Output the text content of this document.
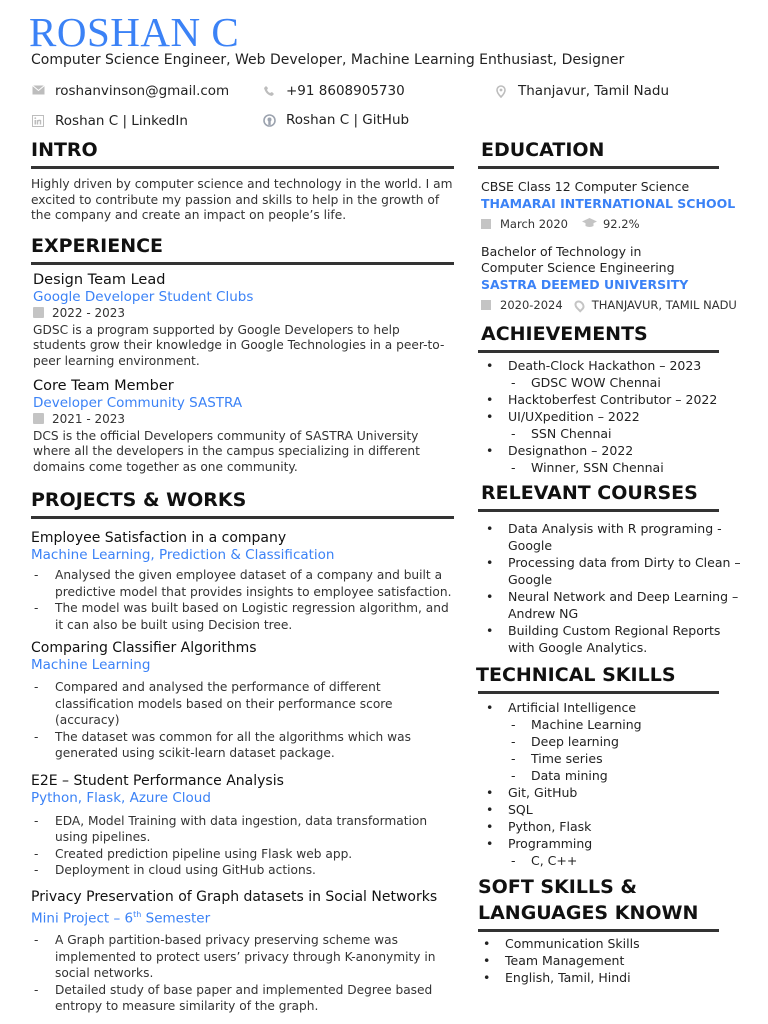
ROSHAN C
Computer Science Engineer, Web Developer, Machine Learning Enthusiast, Designer
roshanvinson@gmail.com	+91 8608905730	Thanjavur, Tamil Nadu
Roshan C | LinkedIn	Roshan C | GitHub
INTRO
Highly driven by computer science and technology in the world. I am excited to contribute my passion and skills to help in the growth of the company and create an impact on people’s life.
EXPERIENCE
Design Team Lead
Google Developer Student Clubs
2022 - 2023
GDSC is a program supported by Google Developers to help students grow their knowledge in Google Technologies in a peer-to-peer learning environment.
Core Team Member
Developer Community SASTRA
2021 - 2023
DCS is the official Developers community of SASTRA University where all the developers in the campus specializing in different domains come together as one community.
PROJECTS & WORKS
Employee Satisfaction in a company
Machine Learning, Prediction & Classification
- Analysed the given employee dataset of a company and built a predictive model that provides insights to employee satisfaction.
- The model was built based on Logistic regression algorithm, and it can also be built using Decision tree.
Comparing Classifier Algorithms
Machine Learning
- Compared and analysed the performance of different classification models based on their performance score (accuracy)
- The dataset was common for all the algorithms which was generated using scikit-learn dataset package.
E2E – Student Performance Analysis
Python, Flask, Azure Cloud
- EDA, Model Training with data ingestion, data transformation using pipelines.
- Created prediction pipeline using Flask web app.
- Deployment in cloud using GitHub actions.
Privacy Preservation of Graph datasets in Social Networks
Mini Project – 6th Semester
- A Graph partition-based privacy preserving scheme was implemented to protect users’ privacy through K-anonymity in social networks.
- Detailed study of base paper and implemented Degree based entropy to measure similarity of the graph.
EDUCATION
CBSE Class 12 Computer Science
THAMARAI INTERNATIONAL SCHOOL
March 2020	92.2%
Bachelor of Technology in
Computer Science Engineering
SASTRA DEEMED UNIVERSITY
2020-2024	THANJAVUR, TAMIL NADU
ACHIEVEMENTS
• Death-Clock Hackathon – 2023
- GDSC WOW Chennai
• Hacktoberfest Contributor – 2022
• UI/UXpedition – 2022
- SSN Chennai
• Designathon – 2022
- Winner, SSN Chennai
RELEVANT COURSES
• Data Analysis with R programing - Google
• Processing data from Dirty to Clean – Google
• Neural Network and Deep Learning – Andrew NG
• Building Custom Regional Reports with Google Analytics.
TECHNICAL SKILLS
• Artificial Intelligence
- Machine Learning
- Deep learning
- Time series
- Data mining
• Git, GitHub
• SQL
• Python, Flask
• Programming
- C, C++
SOFT SKILLS &
LANGUAGES KNOWN
• Communication Skills
• Team Management
• English, Tamil, Hindi
